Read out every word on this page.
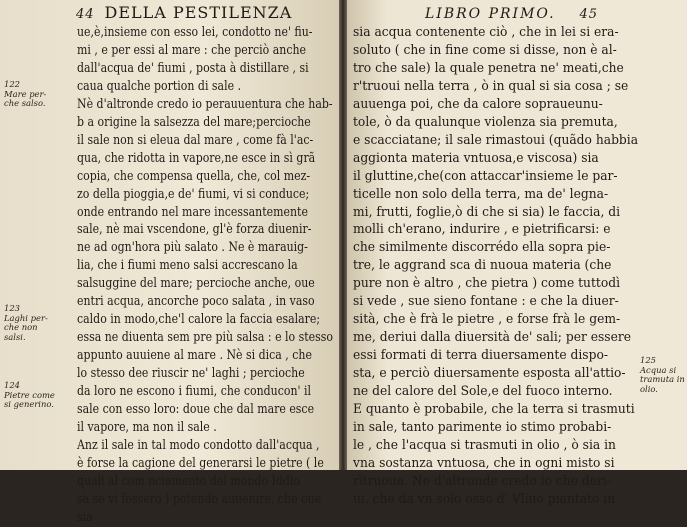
44 DELLA PESTILENZA
ue,è,insieme con esso lei, condotto ne' fiu-
mi , e per essi al mare : che perciò anche
dall'acqua de' fiumi , posta à distillare , si
caua qualche portion di sale .
Nè d'altronde credo io perauuentura che hab-
b a origine la salsezza del mare;percioche
il sale non si eleua dal mare , come fà l'ac-
qua, che ridotta in vapore,ne esce in sì grã
copia, che compensa quella, che, col mez-
zo della pioggia,e de' fiumi, vi si conduce;
onde entrando nel mare incessantemente
sale, nè mai vscendone, gl'è forza diuenir-
ne ad ogn'hora più salato . Ne è marauig-
lia, che i fiumi meno salsi accrescano la
salsuggine del mare; percioche anche, oue
entri acqua, ancorche poco salata , in vaso
caldo in modo,che'l calore la faccia esalare;
essa ne diuenta sem pre più salsa : e lo stesso
appunto auuiene al mare . Nè si dica , che
lo stesso dee riuscir ne' laghi ; percioche
da loro ne escono i fiumi, che conducon' il
sale con esso loro: doue che dal mare esce
il vapore, ma non il sale .
Anz il sale in tal modo condotto dall'acqua ,
è forse la cagione del generarsi le pietre ( le
quali al com nciamento del mondo Iddio
sà se vi fossero ) potendo auuenire, che oue
sia
122
Mare per-
che salso.
123
Laghi per-
che non
salsi.
124
Pietre come
si generino.
LIBRO PRIMO. 45
sia acqua contenente ciò , che in lei si era-
soluto ( che in fine come si disse, non è al-
tro che sale) la quale penetra ne' meati,che
r'truoui nella terra , ò in qual si sia cosa ; se
auuenga poi, che da calore sopraueunu-
tole, ò da qualunque violenza sia premuta,
e scacciatane; il sale rimastoui (quãdo habbia
aggionta materia vntuosa,e viscosa) sia
il gluttine,che(con attaccar'insieme le par-
ticelle non solo della terra, ma de' legna-
mi, frutti, foglie,ò di che si sia) le faccia, di
molli ch'erano, indurire , e pietrificarsi: e
che similmente discorrédo ella sopra pie-
tre, le aggrand sca di nuoua materia (che
pure non è altro , che pietra ) come tuttodì
si vede , sue sieno fontane : e che la diuer-
sità, che è frà le pietre , e forse frà le gem-
me, deriui dalla diuersità de' sali; per essere
essi formati di terra diuersamente dispo-
sta, e perciò diuersamente esposta all'attio-
ne del calore del Sole,e del fuoco interno.
E quanto è probabile, che la terra si trasmuti
in sale, tanto parimente io stimo probabi-
le , che l'acqua si trasmuti in olio , ò sia in
vna sostanza vntuosa, che in ogni misto si
rìtruoua. Ne d'altronde credo io che deri-
ui, che da vn solo osso d' Vliuo piantato in
125
Acqua si
tramuta in
olio.
